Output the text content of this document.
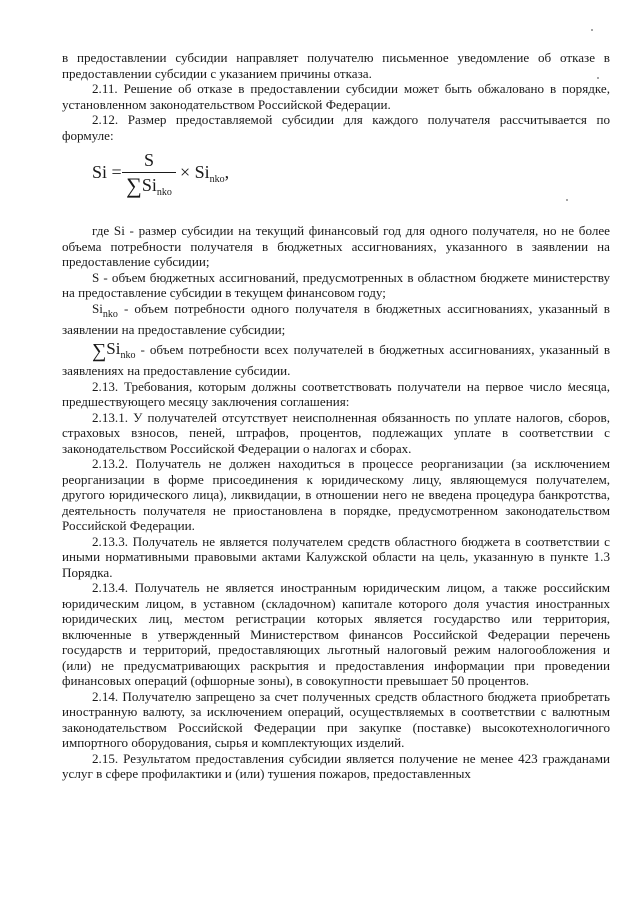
в предоставлении субсидии направляет получателю письменное уведомление об отказе в предоставлении субсидии с указанием причины отказа.

2.11. Решение об отказе в предоставлении субсидии может быть обжаловано в порядке, установленном законодательством Российской Федерации.

2.12. Размер предоставляемой субсидии для каждого получателя рассчитывается по формуле:

Si =
S
$\sum Si_{nko}$
× $Si_{nko}$,

где Si - размер субсидии на текущий финансовый год для одного получателя, но не более объема потребности получателя в бюджетных ассигнованиях, указанного в заявлении на предоставление субсидии;

S - объем бюджетных ассигнований, предусмотренных в областном бюджете министерству на предоставление субсидии в текущем финансовом году;

$Si_{nko}$ - объем потребности одного получателя в бюджетных ассигнованиях, указанный в заявлении на предоставление субсидии;

$\sum Si_{nko}$ - объем потребности всех получателей в бюджетных ассигнованиях, указанный в заявлениях на предоставление субсидии.

2.13. Требования, которым должны соответствовать получатели на первое число месяца, предшествующего месяцу заключения соглашения:

2.13.1. У получателей отсутствует неисполненная обязанность по уплате налогов, сборов, страховых взносов, пеней, штрафов, процентов, подлежащих уплате в соответствии с законодательством Российской Федерации о налогах и сборах.

2.13.2. Получатель не должен находиться в процессе реорганизации (за исключением реорганизации в форме присоединения к юридическому лицу, являющемуся получателем, другого юридического лица), ликвидации, в отношении него не введена процедура банкротства, деятельность получателя не приостановлена в порядке, предусмотренном законодательством Российской Федерации.

2.13.3. Получатель не является получателем средств областного бюджета в соответствии с иными нормативными правовыми актами Калужской области на цель, указанную в пункте 1.3 Порядка.

2.13.4. Получатель не является иностранным юридическим лицом, а также российским юридическим лицом, в уставном (складочном) капитале которого доля участия иностранных юридических лиц, местом регистрации которых является государство или территория, включенные в утвержденный Министерством финансов Российской Федерации перечень государств и территорий, предоставляющих льготный налоговый режим налогообложения и (или) не предусматривающих раскрытия и предоставления информации при проведении финансовых операций (офшорные зоны), в совокупности превышает 50 процентов.

2.14. Получателю запрещено за счет полученных средств областного бюджета приобретать иностранную валюту, за исключением операций, осуществляемых в соответствии с валютным законодательством Российской Федерации при закупке (поставке) высокотехнологичного импортного оборудования, сырья и комплектующих изделий.

2.15. Результатом предоставления субсидии является получение не менее 423 гражданами услуг в сфере профилактики и (или) тушения пожаров, предоставленных
